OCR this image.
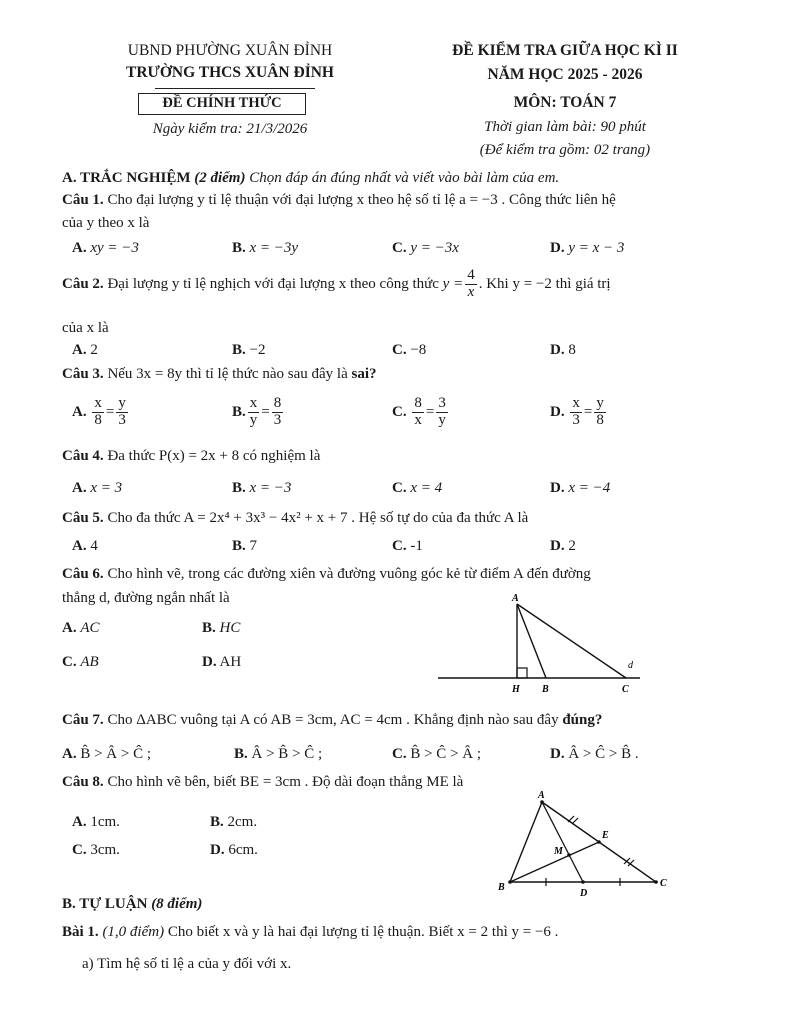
UBND PHƯỜNG XUÂN ĐỈNH
TRƯỜNG THCS XUÂN ĐỈNH
ĐỀ CHÍNH THỨC
Ngày kiểm tra: 21/3/2026
ĐỀ KIỂM TRA GIỮA HỌC KÌ II
NĂM HỌC 2025 - 2026
MÔN: TOÁN 7
Thời gian làm bài: 90 phút
(Để kiểm tra gồm: 02 trang)
A. TRẮC NGHIỆM (2 điểm) Chọn đáp án đúng nhất và viết vào bài làm của em.
Câu 1. Cho đại lượng y tỉ lệ thuận với đại lượng x theo hệ số tỉ lệ a = −3 . Công thức liên hệ
của y theo x là
A. xy = −3	B. x = −3y	C. y = −3x	D. y = x − 3
Câu 2.
Đại lượng y tỉ lệ nghịch với đại lượng x theo công thức
$y = \frac{4}{x}$ . Khi y = −2 thì giá trị
của x là
A. 2	B. −2	C. −8	D. 8
Câu 3. Nếu 3x = 8y thì tỉ lệ thức nào sau đây là sai?
A.
$\frac{x}{8} = \frac{y}{3}$	B. $\frac{x}{y} = \frac{8}{3}$	C.
$\frac{8}{x} = \frac{3}{y}$	D.
$\frac{x}{3} = \frac{y}{8}$
Câu 4. Đa thức P(x) = 2x + 8 có nghiệm là
A. x = 3	B. x = −3	C. x = 4	D. x = −4
Câu 5. Cho đa thức A = 2x⁴ + 3x³ − 4x² + x + 7 . Hệ số tự do của đa thức A là
A. 4	B. 7	C. -1	D. 2
Câu 6. Cho hình vẽ, trong các đường xiên và đường vuông góc kẻ từ điểm A đến đường
thẳng d, đường ngắn nhất là
A. AC	B. HC
C. AB	D. AH
A
H B	C
d
Câu 7. Cho ΔABC vuông tại A có AB = 3cm, AC = 4cm . Khẳng định nào sau đây đúng?
A. B̂ > Â > Ĉ ;	B. Â > B̂ > Ĉ ;	C. B̂ > Ĉ > Â ;	D. Â > Ĉ > B̂ .
Câu 8. Cho hình vẽ bên, biết BE = 3cm . Độ dài đoạn thẳng ME là
A. 1cm.	B. 2cm.
C. 3cm.	D. 6cm.
A
B	C
D
E
M
B. TỰ LUẬN (8 điểm)
Bài 1. (1,0 điểm) Cho biết x và y là hai đại lượng tỉ lệ thuận. Biết x = 2 thì y = −6 .
a) Tìm hệ số tỉ lệ a của y đối với x.
